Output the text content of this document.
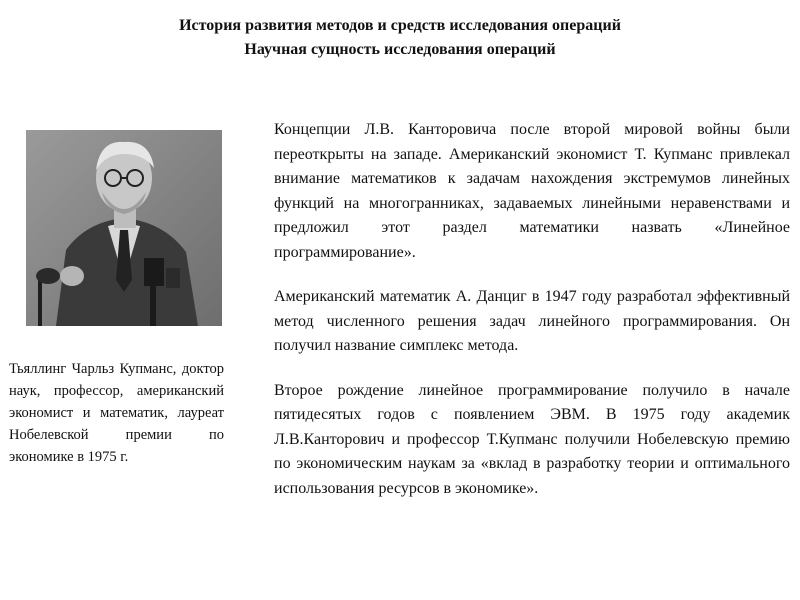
История развития методов и средств исследования операций
Научная сущность исследования операций
Тьяллинг Чарльз Купманс, доктор наук, профессор, американский экономист и математик, лауреат Нобелевской премии по экономике в 1975 г.

Концепции Л.В. Канторовича после второй мировой войны были переоткрыты на западе. Американский экономист Т. Купманс привлекал внимание математиков к задачам нахождения экстремумов линейных функций на многогранниках, задаваемых линейными неравенствами и предложил этот раздел математики назвать «Линейное программирование».

Американский математик А. Данциг в 1947 году разработал эффективный метод численного решения задач линейного программирования. Он получил название симплекс метода.

Второе рождение линейное программирование получило в начале пятидесятых годов с появлением ЭВМ. В 1975 году академик Л.В.Канторович и профессор Т.Купманс получили Нобелевскую премию по экономическим наукам за «вклад в разработку теории и оптимального использования ресурсов в экономике».
